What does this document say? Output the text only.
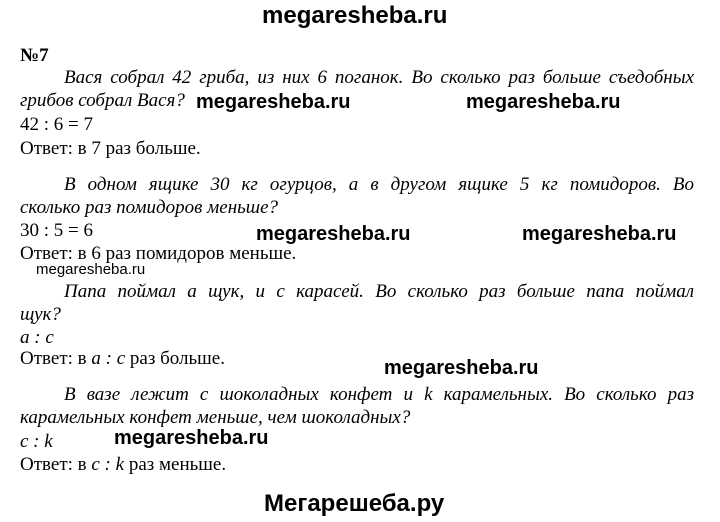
megaresheba.ru
№7
Вася собрал 42 гриба, из них 6 поганок. Во сколько раз больше съедобных
грибов собрал Вася? megaresheba.ru	megaresheba.ru
42 : 6 = 7
Ответ: в 7 раз больше.
В одном ящике 30 кг огурцов, а в другом ящике 5 кг помидоров. Во
сколько раз помидоров меньше?
30 : 5 = 6	megaresheba.ru	megaresheba.ru
Ответ: в 6 раз помидоров меньше.
megaresheba.ru
Папа поймал а щук, и с карасей. Во сколько раз больше папа поймал
щук?
а : с
Ответ: в а : с раз больше.	megaresheba.ru
В вазе лежит с шоколадных конфет и k карамельных. Во сколько раз
карамельных конфет меньше, чем шоколадных?
с : k	megaresheba.ru
Ответ: в с : k раз меньше.
Мегарешеба.ру
